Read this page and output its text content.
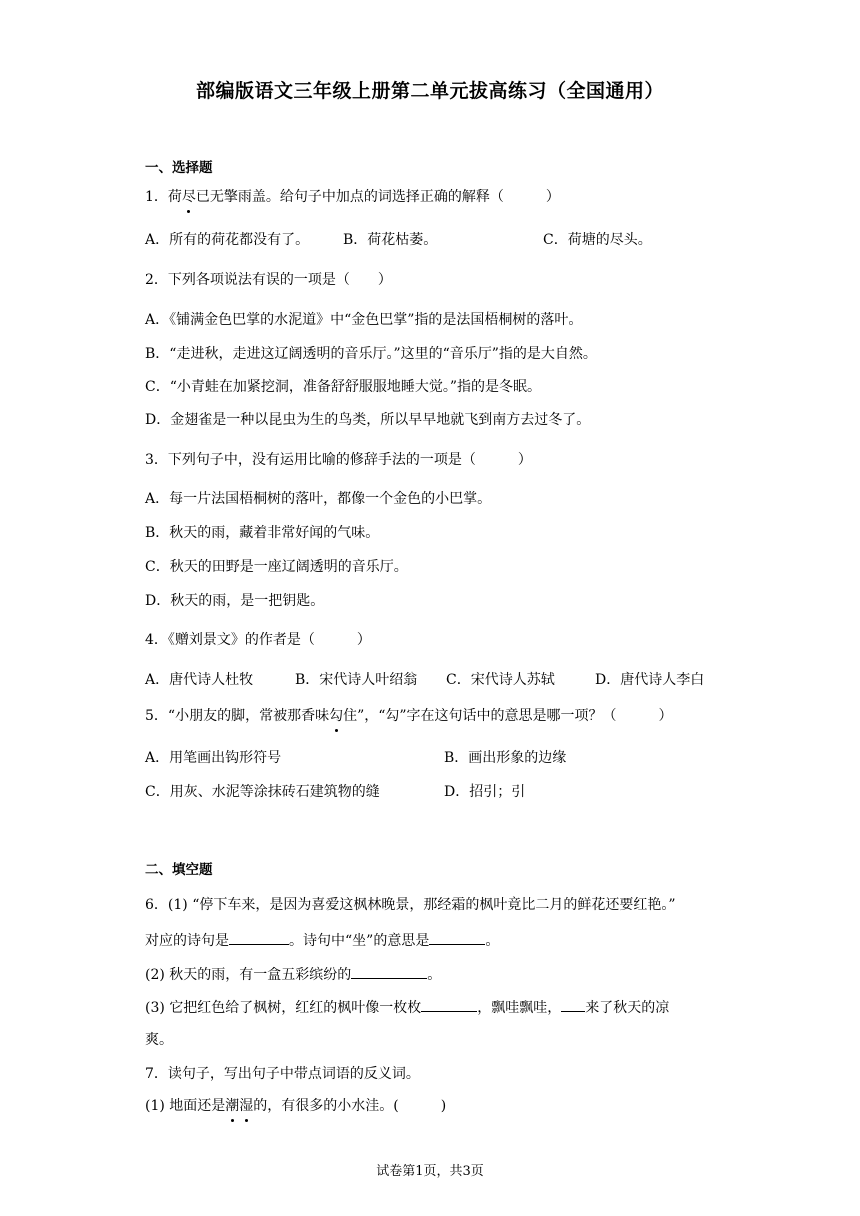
部编版语文三年级上册第二单元拔高练习（全国通用）
一、选择题
1．荷尽已无擎雨盖。给句子中加点的词选择正确的解释（　　　）
A．所有的荷花都没有了。 B．荷花枯萎。	C．荷塘的尽头。
2．下列各项说法有误的一项是（　　）
A．《铺满金色巴掌的水泥道》中“金色巴掌”指的是法国梧桐树的落叶。
B．“走进秋，走进这辽阔透明的音乐厅。”这里的“音乐厅”指的是大自然。
C．“小青蛙在加紧挖洞，准备舒舒服服地睡大觉。”指的是冬眠。
D．金翅雀是一种以昆虫为生的鸟类，所以早早地就飞到南方去过冬了。
3．下列句子中，没有运用比喻的修辞手法的一项是（　　　）
A．每一片法国梧桐树的落叶，都像一个金色的小巴掌。
B．秋天的雨，藏着非常好闻的气味。
C．秋天的田野是一座辽阔透明的音乐厅。
D．秋天的雨，是一把钥匙。
4．《赠刘景文》的作者是（　　　）
A．唐代诗人杜牧	B．宋代诗人叶绍翁 C．宋代诗人苏轼	D．唐代诗人李白
5．“小朋友的脚，常被那香味勾住”，“勾”字在这句话中的意思是哪一项？（　　　）
A．用笔画出钩形符号	B．画出形象的边缘
C．用灰、水泥等涂抹砖石建筑物的缝	D．招引；引
二、填空题
6．(1) “停下车来，是因为喜爱这枫林晚景，那经霜的枫叶竟比二月的鲜花还要红艳。”
对应的诗句是	。诗句中“坐”的意思是	。
(2) 秋天的雨，有一盒五彩缤纷的	。
(3) 它把红色给了枫树，红红的枫叶像一枚枚	，飘哇飘哇， 来了秋天的凉
爽。
7．读句子，写出句子中带点词语的反义词。
(1) 地面还是潮湿的，有很多的小水洼。(　　　)
试卷第1页，共3页
